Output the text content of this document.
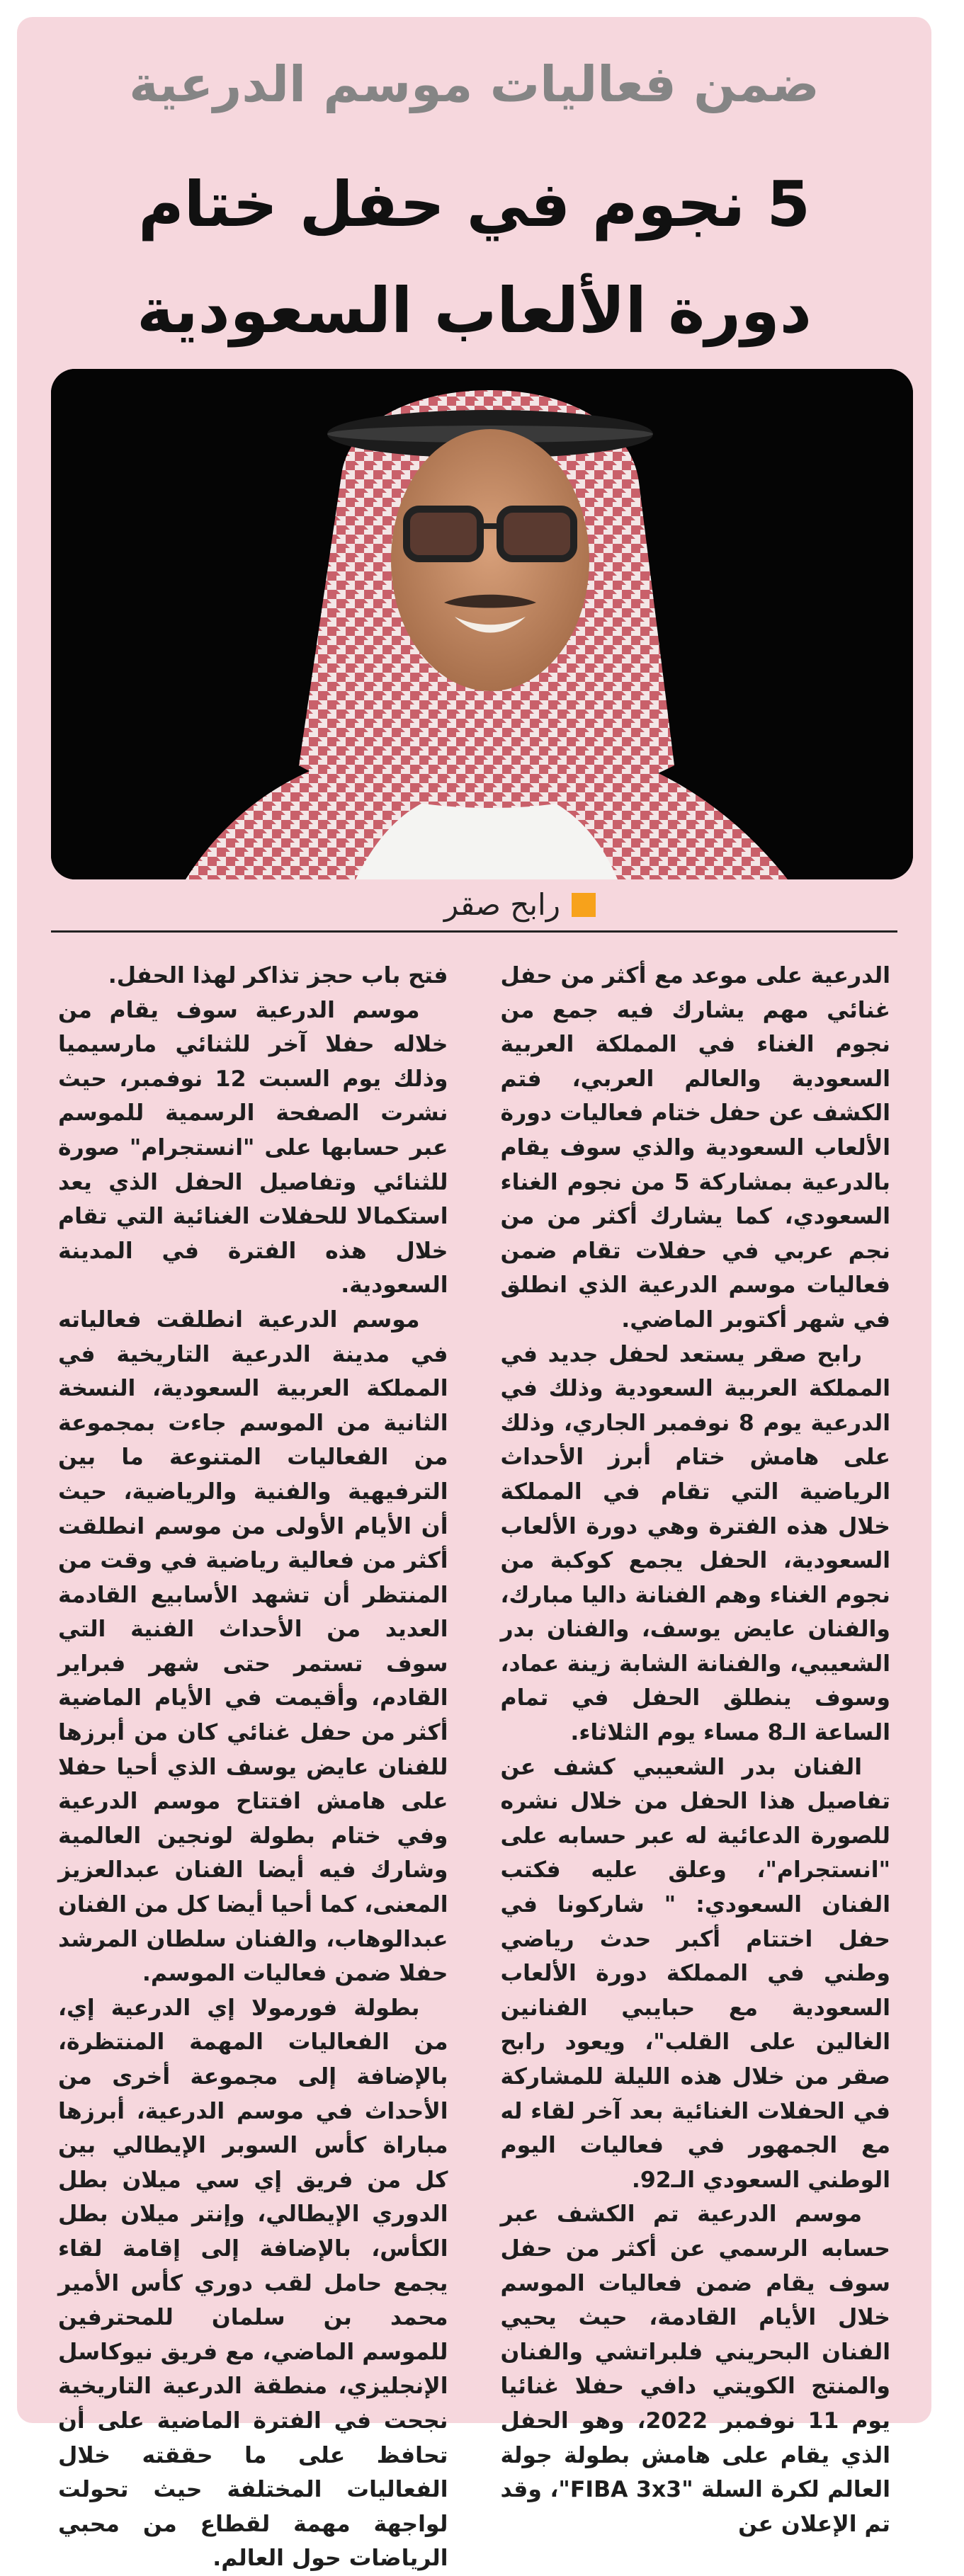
ضمن فعاليات موسم الدرعية
5 نجوم في حفل ختام
دورة الألعاب السعودية
رابح صقر

الدرعية على موعد مع أكثر من حفل غنائي مهم يشارك فيه جمع من نجوم الغناء في المملكة العربية السعودية والعالم العربي، فتم الكشف عن حفل ختام فعاليات دورة الألعاب السعودية والذي سوف يقام بالدرعية بمشاركة 5 من نجوم الغناء السعودي، كما يشارك أكثر من من نجم عربي في حفلات تقام ضمن فعاليات موسم الدرعية الذي انطلق في شهر أكتوبر الماضي.

رابح صقر يستعد لحفل جديد في المملكة العربية السعودية وذلك في الدرعية يوم 8 نوفمبر الجاري، وذلك على هامش ختام أبرز الأحداث الرياضية التي تقام في المملكة خلال هذه الفترة وهي دورة الألعاب السعودية، الحفل يجمع كوكبة من نجوم الغناء وهم الفنانة داليا مبارك، والفنان عايض يوسف، والفنان بدر الشعيبي، والفنانة الشابة زينة عماد، وسوف ينطلق الحفل في تمام الساعة الـ8 مساء يوم الثلاثاء.

الفنان بدر الشعيبي كشف عن تفاصيل هذا الحفل من خلال نشره للصورة الدعائية له عبر حسابه على "انستجرام"، وعلق عليه فكتب الفنان السعودي: " شاركونا في حفل اختتام أكبر حدث رياضي وطني في المملكة دورة الألعاب السعودية مع حبايبي الفنانين الغالين على القلب"، ويعود رابح صقر من خلال هذه الليلة للمشاركة في الحفلات الغنائية بعد آخر لقاء له مع الجمهور في فعاليات اليوم الوطني السعودي الـ92.

موسم الدرعية تم الكشف عبر حسابه الرسمي عن أكثر من حفل سوف يقام ضمن فعاليات الموسم خلال الأيام القادمة، حيث يحيي الفنان البحريني فلبراتشي والفنان والمنتج الكويتي دافي حفلا غنائيا يوم 11 نوفمبر 2022، وهو الحفل الذي يقام على هامش بطولة جولة العالم لكرة السلة "FIBA 3x3"، وقد تم الإعلان عن

فتح باب حجز تذاكر لهذا الحفل.

موسم الدرعية سوف يقام من خلاله حفلا آخر للثنائي مارسيميا وذلك يوم السبت 12 نوفمبر، حيث نشرت الصفحة الرسمية للموسم عبر حسابها على "انستجرام" صورة للثنائي وتفاصيل الحفل الذي يعد استكمالا للحفلات الغنائية التي تقام خلال هذه الفترة في المدينة السعودية.

موسم الدرعية انطلقت فعالياته في مدينة الدرعية التاريخية في المملكة العربية السعودية، النسخة الثانية من الموسم جاءت بمجموعة من الفعاليات المتنوعة ما بين الترفيهية والفنية والرياضية، حيث أن الأيام الأولى من موسم انطلقت أكثر من فعالية رياضية في وقت من المنتظر أن تشهد الأسابيع القادمة العديد من الأحداث الفنية التي سوف تستمر حتى شهر فبراير القادم، وأقيمت في الأيام الماضية أكثر من حفل غنائي كان من أبرزها للفنان عايض يوسف الذي أحيا حفلا على هامش افتتاح موسم الدرعية وفي ختام بطولة لونجين العالمية وشارك فيه أيضا الفنان عبدالعزيز المعنى، كما أحيا أيضا كل من الفنان عبدالوهاب، والفنان سلطان المرشد حفلا ضمن فعاليات الموسم.

بطولة فورمولا إي الدرعية إي، من الفعاليات المهمة المنتظرة، بالإضافة إلى مجموعة أخرى من الأحداث في موسم الدرعية، أبرزها مباراة كأس السوبر الإيطالي بين كل من فريق إي سي ميلان بطل الدوري الإيطالي، وإنتر ميلان بطل الكأس، بالإضافة إلى إقامة لقاء يجمع حامل لقب دوري كأس الأمير محمد بن سلمان للمحترفين للموسم الماضي، مع فريق نيوكاسل الإنجليزي، منطقة الدرعية التاريخية نجحت في الفترة الماضية على أن تحافظ على ما حققته خلال الفعاليات المختلفة حيث تحولت لواجهة مهمة لقطاع من محبي الرياضات حول العالم.
